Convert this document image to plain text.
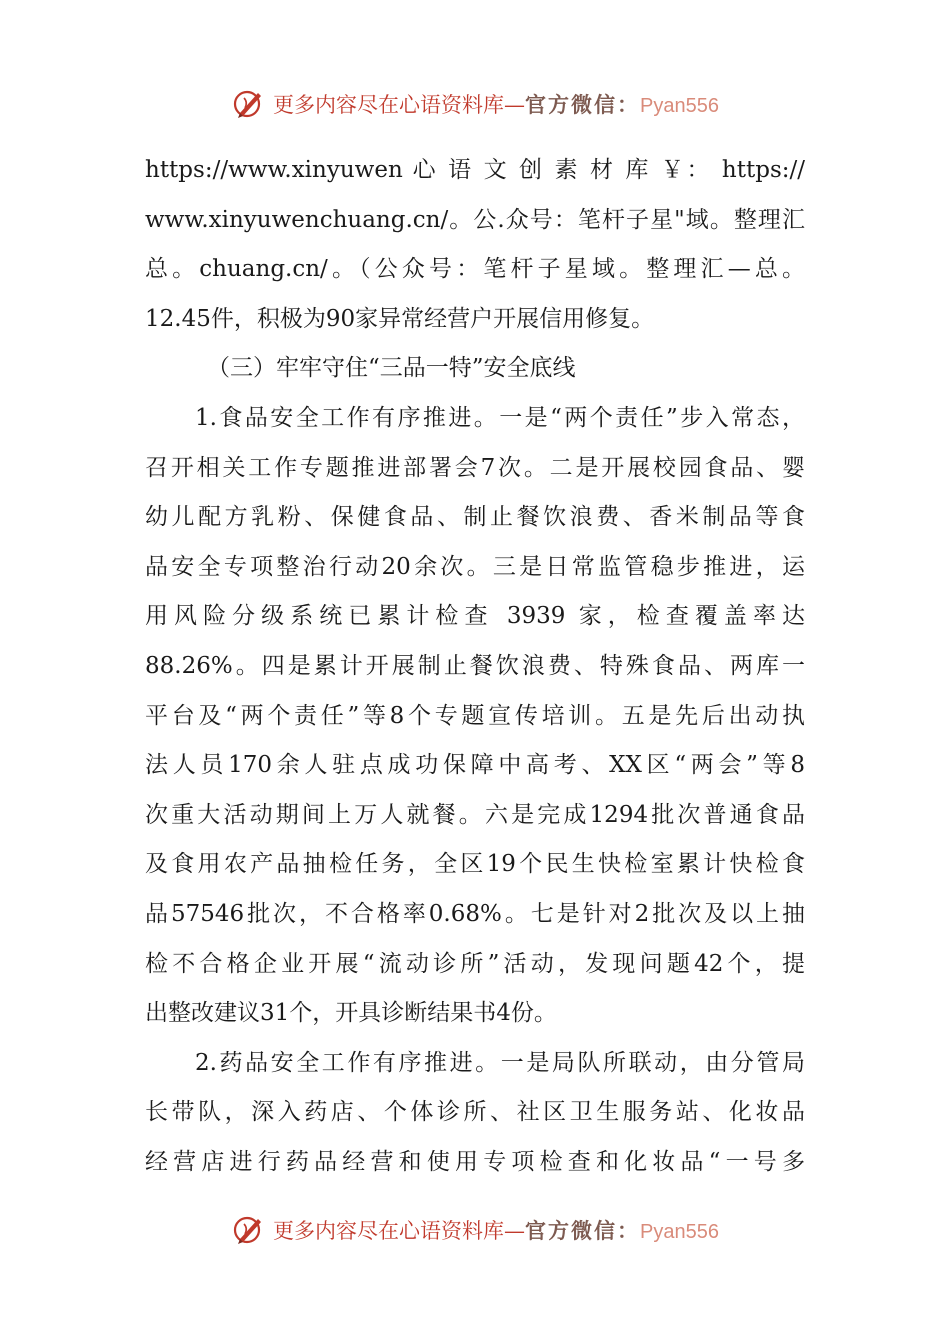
更多内容尽在心语资料库—官方微信：Pyan556
https://www.xinyuwen 心 语 文 创 素 材 库 ￥： https://
www.xinyuwenchuang.cn/。公.众号：笔杆子星"域。整理汇
总。chuang.cn/。（公众号：笔杆子星域。整理汇—总。
12.45件，积极为90家异常经营户开展信用修复。
（三）牢牢守住“三品一特”安全底线
1.食品安全工作有序推进。一是“两个责任”步入常态，
召开相关工作专题推进部署会7次。二是开展校园食品、婴
幼儿配方乳粉、保健食品、制止餐饮浪费、香米制品等食
品安全专项整治行动20余次。三是日常监管稳步推进，运
用风险分级系统已累计检查 3939 家，检查覆盖率达
88.26%。四是累计开展制止餐饮浪费、特殊食品、两库一
平台及“两个责任”等8个专题宣传培训。五是先后出动执
法人员170余人驻点成功保障中高考、XX区“两会”等8
次重大活动期间上万人就餐。六是完成1294批次普通食品
及食用农产品抽检任务，全区19个民生快检室累计快检食
品57546批次，不合格率0.68%。七是针对2批次及以上抽
检不合格企业开展“流动诊所”活动，发现问题42个，提
出整改建议31个，开具诊断结果书4份。
2.药品安全工作有序推进。一是局队所联动，由分管局
长带队，深入药店、个体诊所、社区卫生服务站、化妆品
经营店进行药品经营和使用专项检查和化妆品“一号多
更多内容尽在心语资料库—官方微信：Pyan556
